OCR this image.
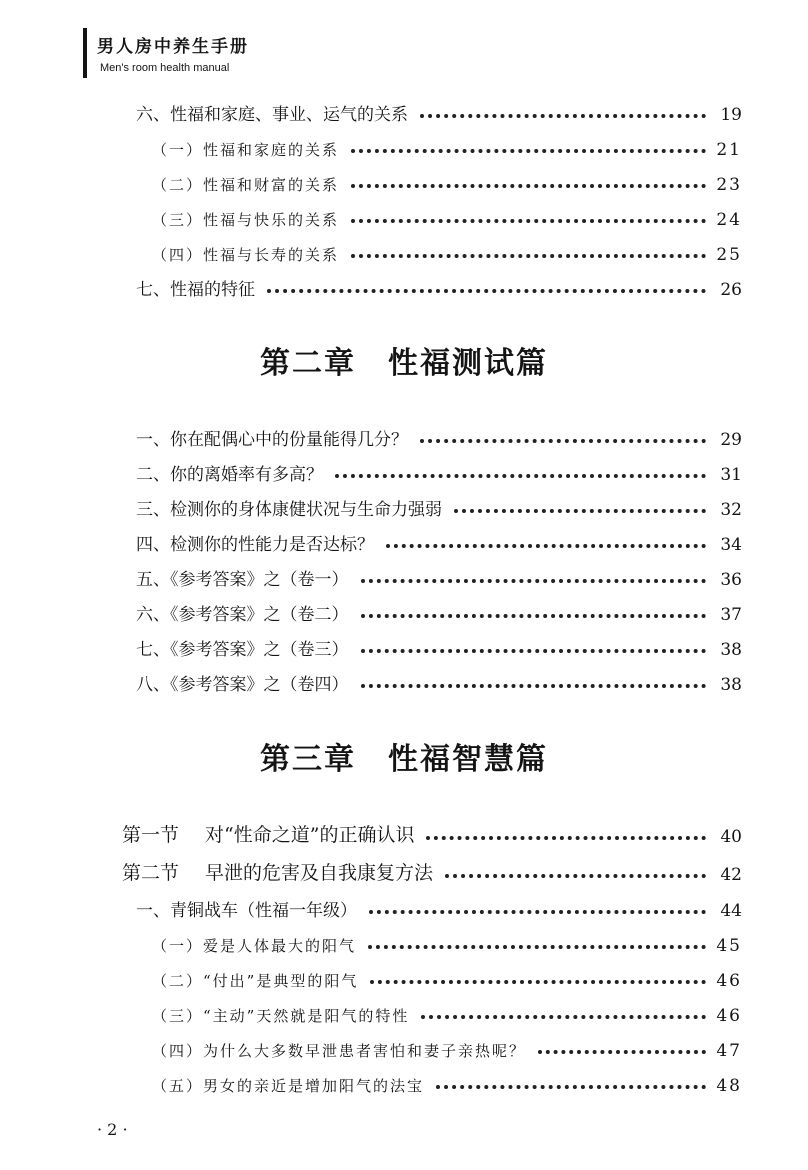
男人房中养生手册
Men's room health manual
六、性福和家庭、事业、运气的关系	19
（一）性福和家庭的关系	21
（二）性福和财富的关系	23
（三）性福与快乐的关系	24
（四）性福与长寿的关系	25
七、性福的特征	26
第二章　性福测试篇
一、你在配偶心中的份量能得几分？	29
二、你的离婚率有多高？	31
三、检测你的身体康健状况与生命力强弱	32
四、检测你的性能力是否达标？	34
五、《参考答案》之（卷一）	36
六、《参考答案》之（卷二）	37
七、《参考答案》之（卷三）	38
八、《参考答案》之（卷四）	38
第三章　性福智慧篇
第一节 对“性命之道”的正确认识	40
第二节 早泄的危害及自我康复方法	42
一、青铜战车（性福一年级）	44
（一）爱是人体最大的阳气	45
（二）“付出”是典型的阳气	46
（三）“主动”天然就是阳气的特性	46
（四）为什么大多数早泄患者害怕和妻子亲热呢？	47
（五）男女的亲近是增加阳气的法宝	48
· 2 ·
